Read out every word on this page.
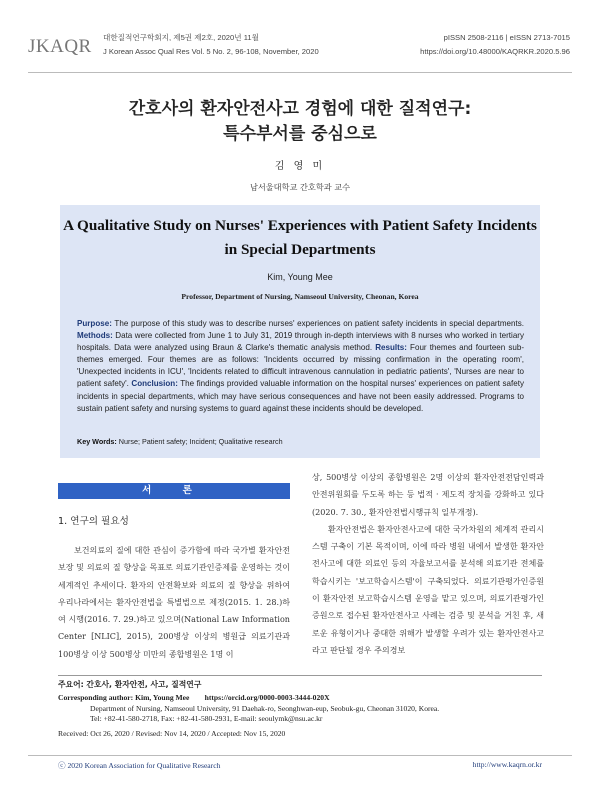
JKAQR 대한질적연구학회지, 제5권 제2호, 2020년 11월
J Korean Assoc Qual Res Vol. 5 No. 2, 96-108, November, 2020
pISSN 2508-2116 | eISSN 2713-7015
https://doi.org/10.48000/KAQRKR.2020.5.96
간호사의 환자안전사고 경험에 대한 질적연구:
특수부서를 중심으로
김 영 미
남서울대학교 간호학과 교수
A Qualitative Study on Nurses' Experiences with Patient Safety Incidents
in Special Departments
Kim, Young Mee
Professor, Department of Nursing, Namseoul University, Cheonan, Korea

Purpose: The purpose of this study was to describe nurses' experiences on patient safety incidents in special departments. Methods: Data were collected from June 1 to July 31, 2019 through in-depth interviews with 8 nurses who worked in tertiary hospitals. Data were analyzed using Braun & Clarke's thematic analysis method. Results: Four themes and fourteen sub-themes emerged. Four themes are as follows: 'Incidents occurred by missing confirmation in the operating room', 'Unexpected incidents in ICU', 'Incidents related to difficult intravenous cannulation in pediatric patients', 'Nurses are near to patient safety'. Conclusion: The findings provided valuable information on the hospital nurses' experiences on patient safety incidents in special departments, which may have serious consequences and have not been easily addressed. Programs to sustain patient safety and nursing systems to guard against these incidents should be developed.

Key Words: Nurse; Patient safety; Incident; Qualitative research
서 론
1. 연구의 필요성

보건의료의 질에 대한 관심이 증가함에 따라 국가별 환자안전보장 및 의료의 질 향상을 목표로 의료기관인증제를 운영하는 것이 세계적인 추세이다. 환자의 안전확보와 의료의 질 향상을 위하여 우리나라에서는 환자안전법을 특별법으로 제정(2015. 1. 28.)하여 시행(2016. 7. 29.)하고 있으며(National Law Information Center [NLIC], 2015), 200병상 이상의 병원급 의료기관과 100병상 이상 500병상 미만의 종합병원은 1명 이

상, 500병상 이상의 종합병원은 2명 이상의 환자안전전담인력과 안전위원회를 두도록 하는 등 법적 · 제도적 장치를 강화하고 있다(2020. 7. 30., 환자안전법시행규칙 일부개정).

환자안전법은 환자안전사고에 대한 국가차원의 체계적 관리시스템 구축이 기본 목적이며, 이에 따라 병원 내에서 발생한 환자안전사고에 대한 의료인 등의 자율보고서를 분석해 의료기관 전체를 학습시키는 '보고학습시스템'이 구축되었다. 의료기관평가인증원이 환자안전 보고학습시스템 운영을 맡고 있으며, 의료기관평가인증원으로 접수된 환자안전사고 사례는 검증 및 분석을 거친 후, 새로운 유형이거나 중대한 위해가 발생할 우려가 있는 환자안전사고라고 판단될 경우 주의경보

주요어: 간호사, 환자안전, 사고, 질적연구
Corresponding author: Kim, Young Mee https://orcid.org/0000-0003-3444-020X
Department of Nursing, Namseoul University, 91 Daehak-ro, Seonghwan-eup, Seobuk-gu, Cheonan 31020, Korea.
Tel: +82-41-580-2718, Fax: +82-41-580-2931, E-mail: seoulymk@nsu.ac.kr
Received: Oct 26, 2020 / Revised: Nov 14, 2020 / Accepted: Nov 15, 2020
ⓒ 2020 Korean Association for Qualitative Research	http://www.kaqrn.or.kr
